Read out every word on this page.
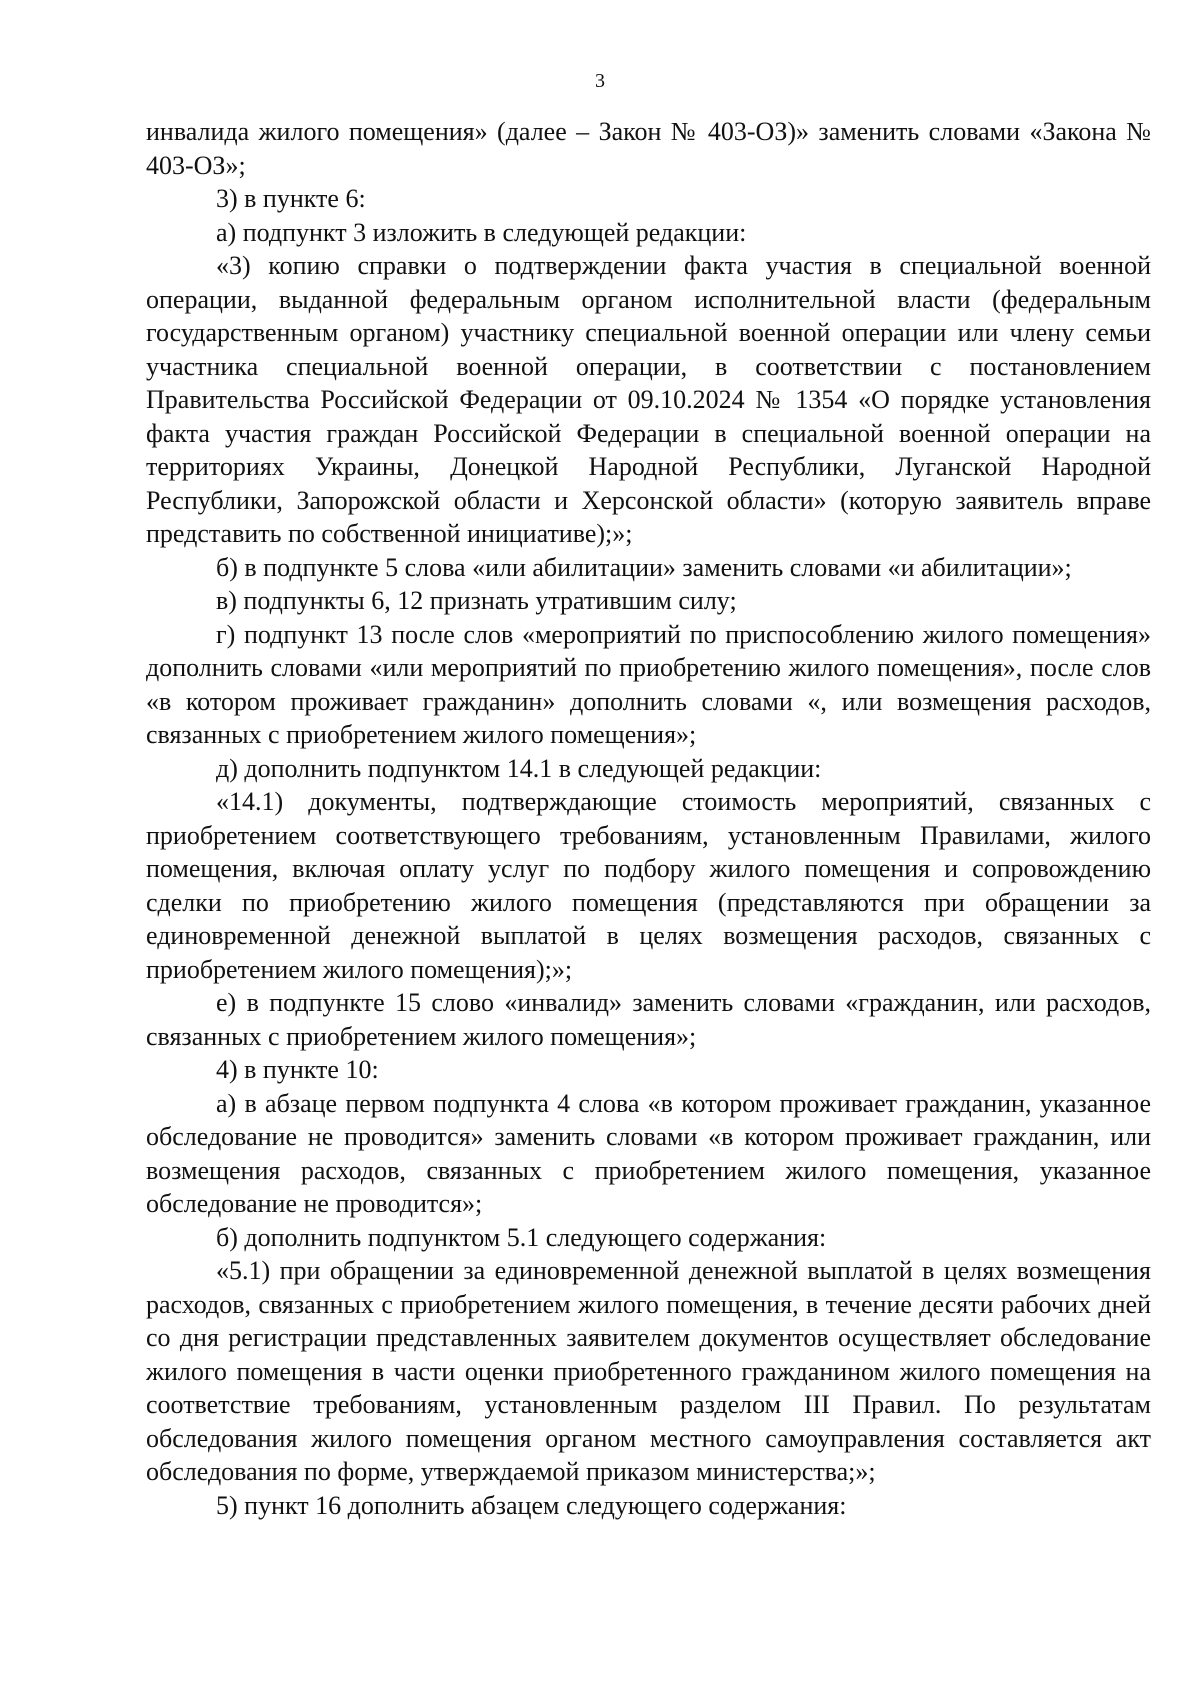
3

инвалида жилого помещения» (далее – Закон № 403-ОЗ)» заменить словами «Закона № 403-ОЗ»;

3) в пункте 6:

а) подпункт 3 изложить в следующей редакции:

«3) копию справки о подтверждении факта участия в специальной военной операции, выданной федеральным органом исполнительной власти (федеральным государственным органом) участнику специальной военной операции или члену семьи участника специальной военной операции, в соответствии с постановлением Правительства Российской Федерации от 09.10.2024 № 1354 «О порядке установления факта участия граждан Российской Федерации в специальной военной операции на территориях Украины, Донецкой Народной Республики, Луганской Народной Республики, Запорожской области и Херсонской области» (которую заявитель вправе представить по собственной инициативе);»;

б) в подпункте 5 слова «или абилитации» заменить словами «и абилитации»;

в) подпункты 6, 12 признать утратившим силу;

г) подпункт 13 после слов «мероприятий по приспособлению жилого помещения» дополнить словами «или мероприятий по приобретению жилого помещения», после слов «в котором проживает гражданин» дополнить словами «, или возмещения расходов, связанных с приобретением жилого помещения»;

д) дополнить подпунктом 14.1 в следующей редакции:

«14.1) документы, подтверждающие стоимость мероприятий, связанных с приобретением соответствующего требованиям, установленным Правилами, жилого помещения, включая оплату услуг по подбору жилого помещения и сопровождению сделки по приобретению жилого помещения (представляются при обращении за единовременной денежной выплатой в целях возмещения расходов, связанных с приобретением жилого помещения);»;

е) в подпункте 15 слово «инвалид» заменить словами «гражданин, или расходов, связанных с приобретением жилого помещения»;

4) в пункте 10:

а) в абзаце первом подпункта 4 слова «в котором проживает гражданин, указанное обследование не проводится» заменить словами «в котором проживает гражданин, или возмещения расходов, связанных с приобретением жилого помещения, указанное обследование не проводится»;

б) дополнить подпунктом 5.1 следующего содержания:

«5.1) при обращении за единовременной денежной выплатой в целях возмещения расходов, связанных с приобретением жилого помещения, в течение десяти рабочих дней со дня регистрации представленных заявителем документов осуществляет обследование жилого помещения в части оценки приобретенного гражданином жилого помещения на соответствие требованиям, установленным разделом III Правил. По результатам обследования жилого помещения органом местного самоуправления составляется акт обследования по форме, утверждаемой приказом министерства;»;

5) пункт 16 дополнить абзацем следующего содержания:
